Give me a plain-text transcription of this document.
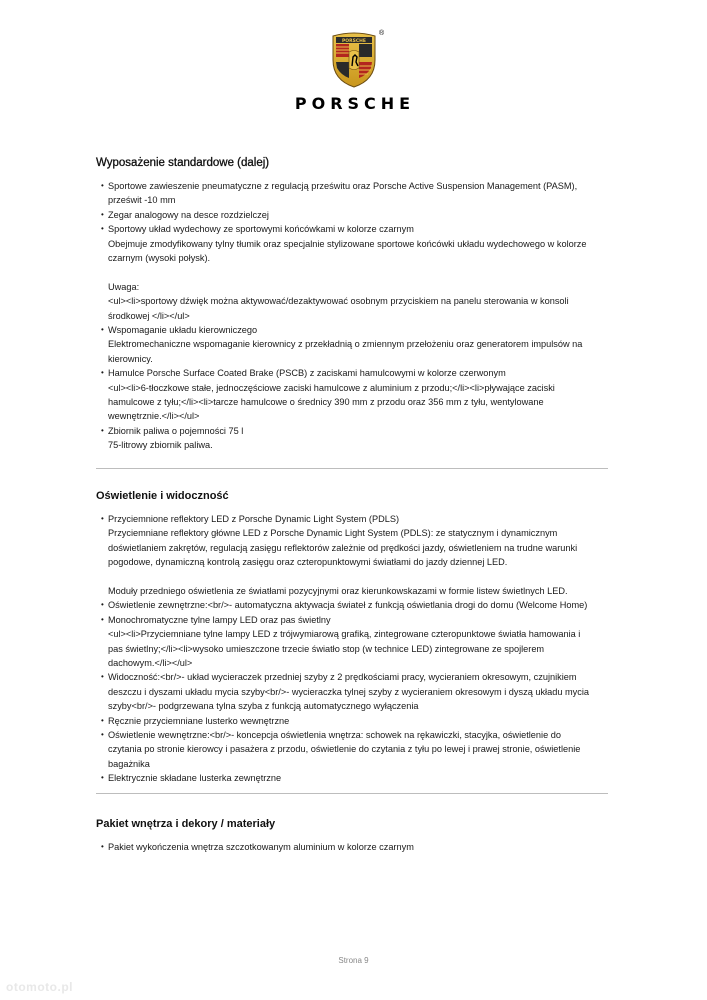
PORSCHE
®
PORSCHE
Wyposażenie standardowe (dalej)
• Sportowe zawieszenie pneumatyczne z regulacją prześwitu oraz Porsche Active Suspension Management (PASM),
prześwit -10 mm
• Zegar analogowy na desce rozdzielczej
• Sportowy układ wydechowy ze sportowymi końcówkami w kolorze czarnym
Obejmuje zmodyfikowany tylny tłumik oraz specjalnie stylizowane sportowe końcówki układu wydechowego w kolorze
czarnym (wysoki połysk).
Uwaga:
<ul><li>sportowy dźwięk można aktywować/dezaktywować osobnym przyciskiem na panelu sterowania w konsoli
środkowej </li></ul>
• Wspomaganie układu kierowniczego
Elektromechaniczne wspomaganie kierownicy z przekładnią o zmiennym przełożeniu oraz generatorem impulsów na
kierownicy.
• Hamulce Porsche Surface Coated Brake (PSCB) z zaciskami hamulcowymi w kolorze czerwonym
<ul><li>6-tłoczkowe stałe, jednoczęściowe zaciski hamulcowe z aluminium z przodu;</li><li>pływające zaciski
hamulcowe z tyłu;</li><li>tarcze hamulcowe o średnicy 390 mm z przodu oraz 356 mm z tyłu, wentylowane
wewnętrznie.</li></ul>
• Zbiornik paliwa o pojemności 75 l
75-litrowy zbiornik paliwa.
Oświetlenie i widoczność
• Przyciemnione reflektory LED z Porsche Dynamic Light System (PDLS)
Przyciemniane reflektory główne LED z Porsche Dynamic Light System (PDLS): ze statycznym i dynamicznym
doświetlaniem zakrętów, regulacją zasięgu reflektorów zależnie od prędkości jazdy, oświetleniem na trudne warunki
pogodowe, dynamiczną kontrolą zasięgu oraz czteropunktowymi światłami do jazdy dziennej LED.
Moduły przedniego oświetlenia ze światłami pozycyjnymi oraz kierunkowskazami w formie listew świetlnych LED.
• Oświetlenie zewnętrzne:<br/>- automatyczna aktywacja świateł z funkcją oświetlania drogi do domu (Welcome Home)
• Monochromatyczne tylne lampy LED oraz pas świetlny
<ul><li>Przyciemniane tylne lampy LED z trójwymiarową grafiką, zintegrowane czteropunktowe światła hamowania i
pas świetlny;</li><li>wysoko umieszczone trzecie światło stop (w technice LED) zintegrowane ze spojlerem
dachowym.</li></ul>
• Widoczność:<br/>- układ wycieraczek przedniej szyby z 2 prędkościami pracy, wycieraniem okresowym, czujnikiem
deszczu i dyszami układu mycia szyby<br/>- wycieraczka tylnej szyby z wycieraniem okresowym i dyszą układu mycia
szyby<br/>- podgrzewana tylna szyba z funkcją automatycznego wyłączenia
• Ręcznie przyciemniane lusterko wewnętrzne
• Oświetlenie wewnętrzne:<br/>- koncepcja oświetlenia wnętrza: schowek na rękawiczki, stacyjka, oświetlenie do
czytania po stronie kierowcy i pasażera z przodu, oświetlenie do czytania z tyłu po lewej i prawej stronie, oświetlenie
bagażnika
• Elektrycznie składane lusterka zewnętrzne
Pakiet wnętrza i dekory / materiały
• Pakiet wykończenia wnętrza szczotkowanym aluminium w kolorze czarnym
Strona 9
otomoto.pl
